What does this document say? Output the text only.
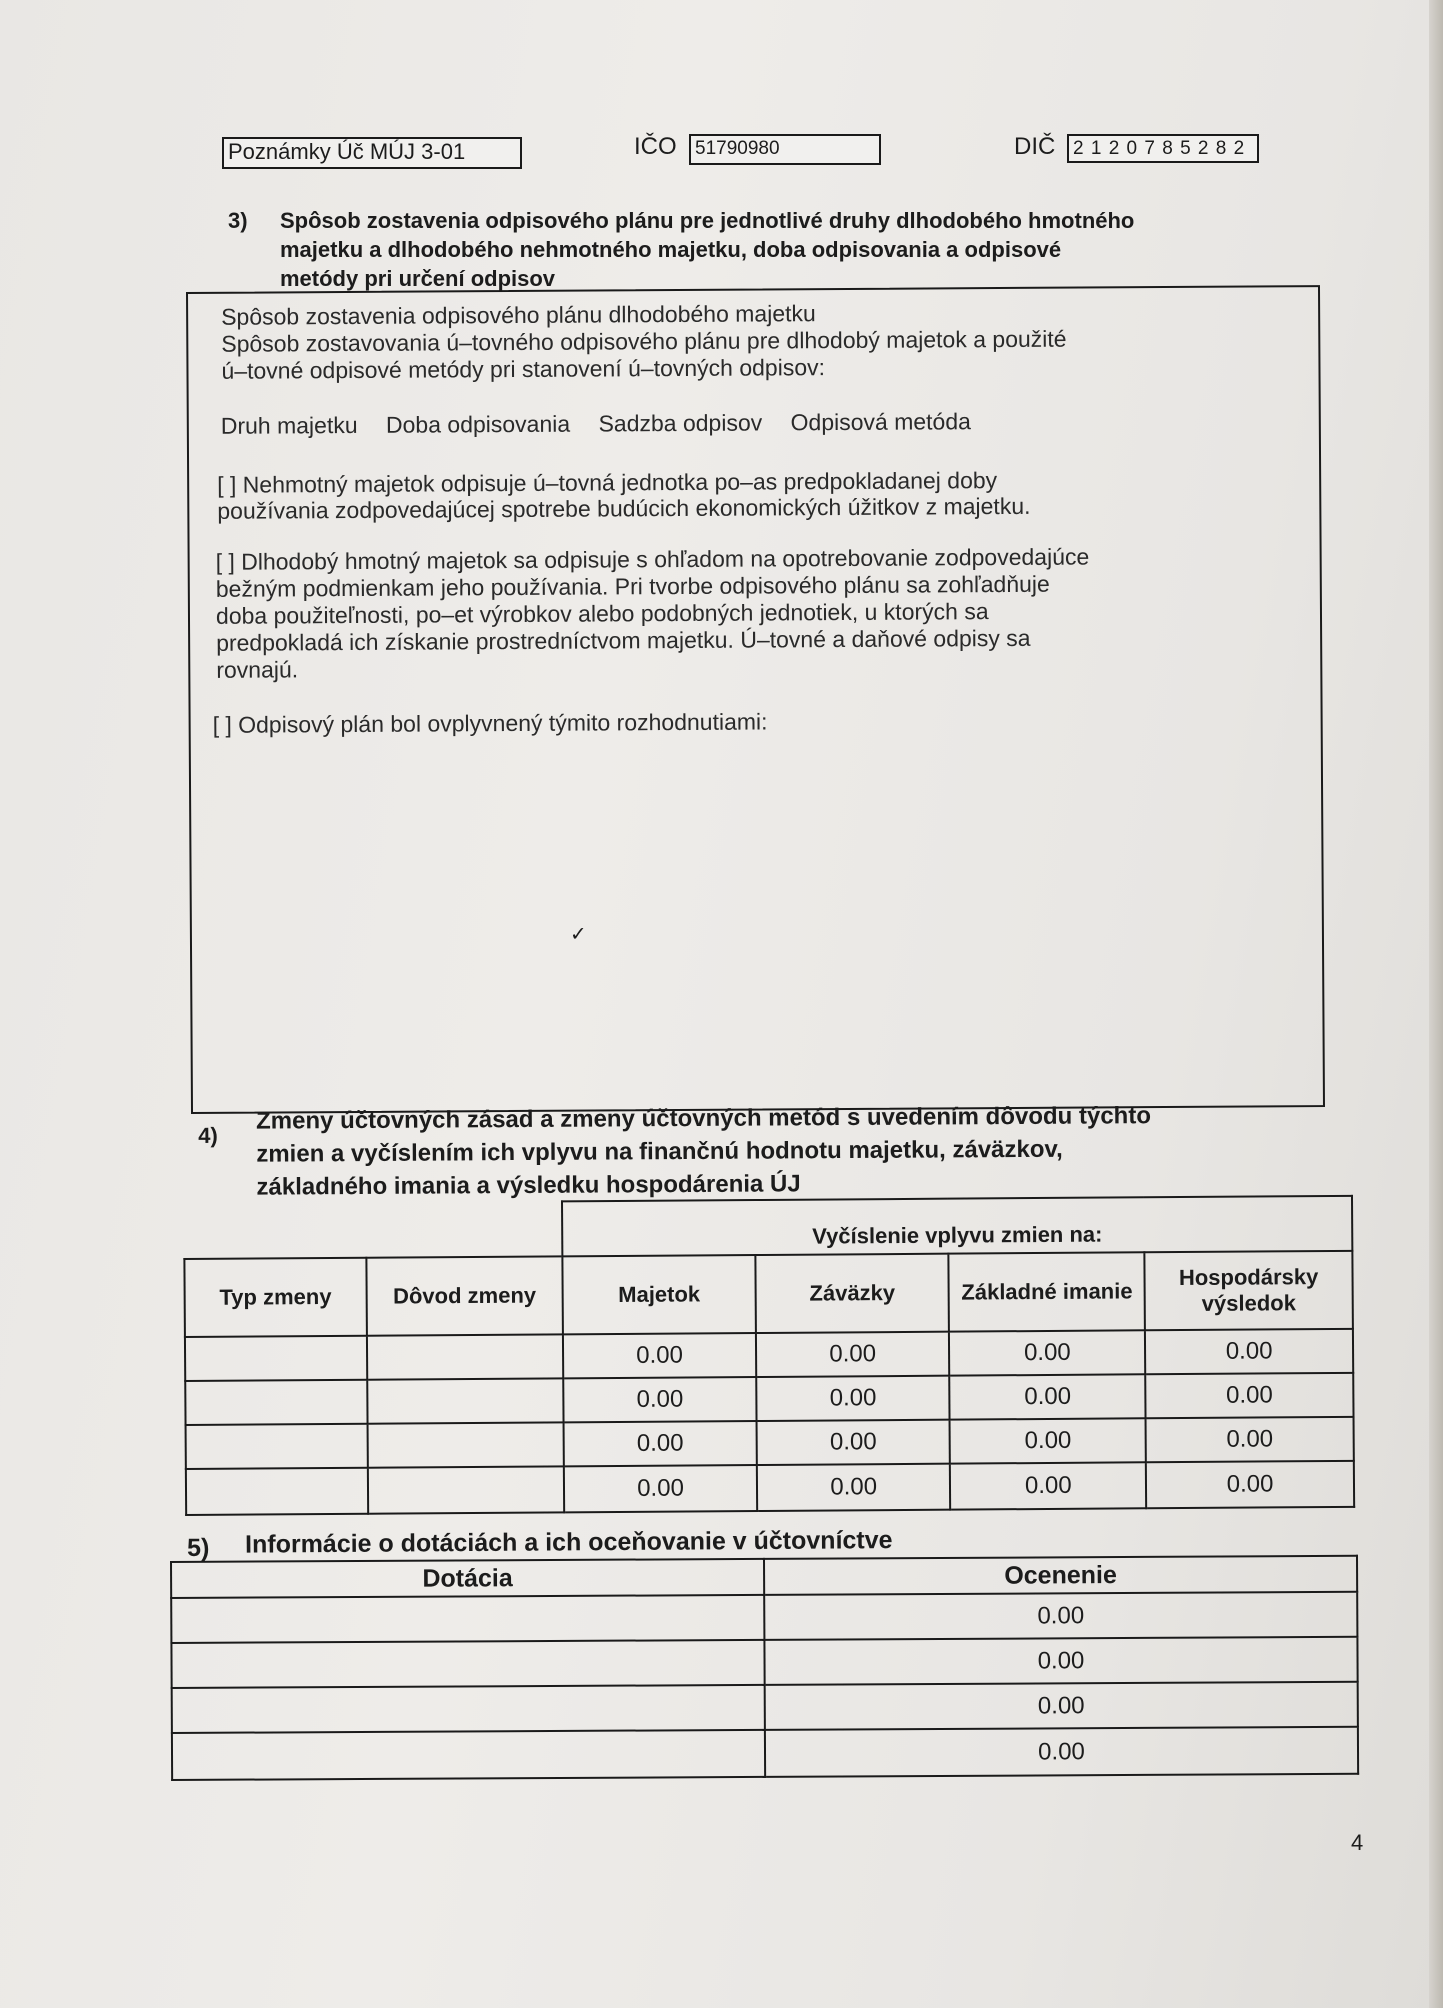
Poznámky Úč MÚJ 3-01	IČO 51790980	DIČ 2 1 2 0 7 8 5 2 8 2
3) Spôsob zostavenia odpisového plánu pre jednotlivé druhy dlhodobého hmotného
majetku a dlhodobého nehmotného majetku, doba odpisovania a odpisové
metódy pri určení odpisov
Spôsob zostavenia odpisového plánu dlhodobého majetku
Spôsob zostavovania ú–tovného odpisového plánu pre dlhodobý majetok a použité
ú–tovné odpisové metódy pri stanovení ú–tovných odpisov:
Druh majetku Doba odpisovania Sadzba odpisov Odpisová metóda
[ ] Nehmotný majetok odpisuje ú–tovná jednotka po–as predpokladanej doby
používania zodpovedajúcej spotrebe budúcich ekonomických úžitkov z majetku.
[ ] Dlhodobý hmotný majetok sa odpisuje s ohľadom na opotrebovanie zodpovedajúce
bežným podmienkam jeho používania. Pri tvorbe odpisového plánu sa zohľadňuje
doba použiteľnosti, po–et výrobkov alebo podobných jednotiek, u ktorých sa
predpokladá ich získanie prostredníctvom majetku. Ú–tovné a daňové odpisy sa
rovnajú.
[ ] Odpisový plán bol ovplyvnený týmito rozhodnutiami:
✓
4)
Zmeny účtovných zásad a zmeny účtovných metód s uvedením dôvodu týchto
zmien a vyčíslením ich vplyvu na finančnú hodnotu majetku, záväzkov,
základného imania a výsledku hospodárenia ÚJ
		Vyčíslenie vplyvu zmien na:			
Typ zmeny	Dôvod zmeny	Majetok	Záväzky	Základné imanie	Hospodársky výsledok
		0.00	0.00	0.00	0.00
		0.00	0.00	0.00	0.00
		0.00	0.00	0.00	0.00
		0.00	0.00	0.00	0.00
5) Informácie o dotáciách a ich oceňovanie v účtovníctve
Dotácia	Ocenenie
	0.00
	0.00
	0.00
	0.00
4
